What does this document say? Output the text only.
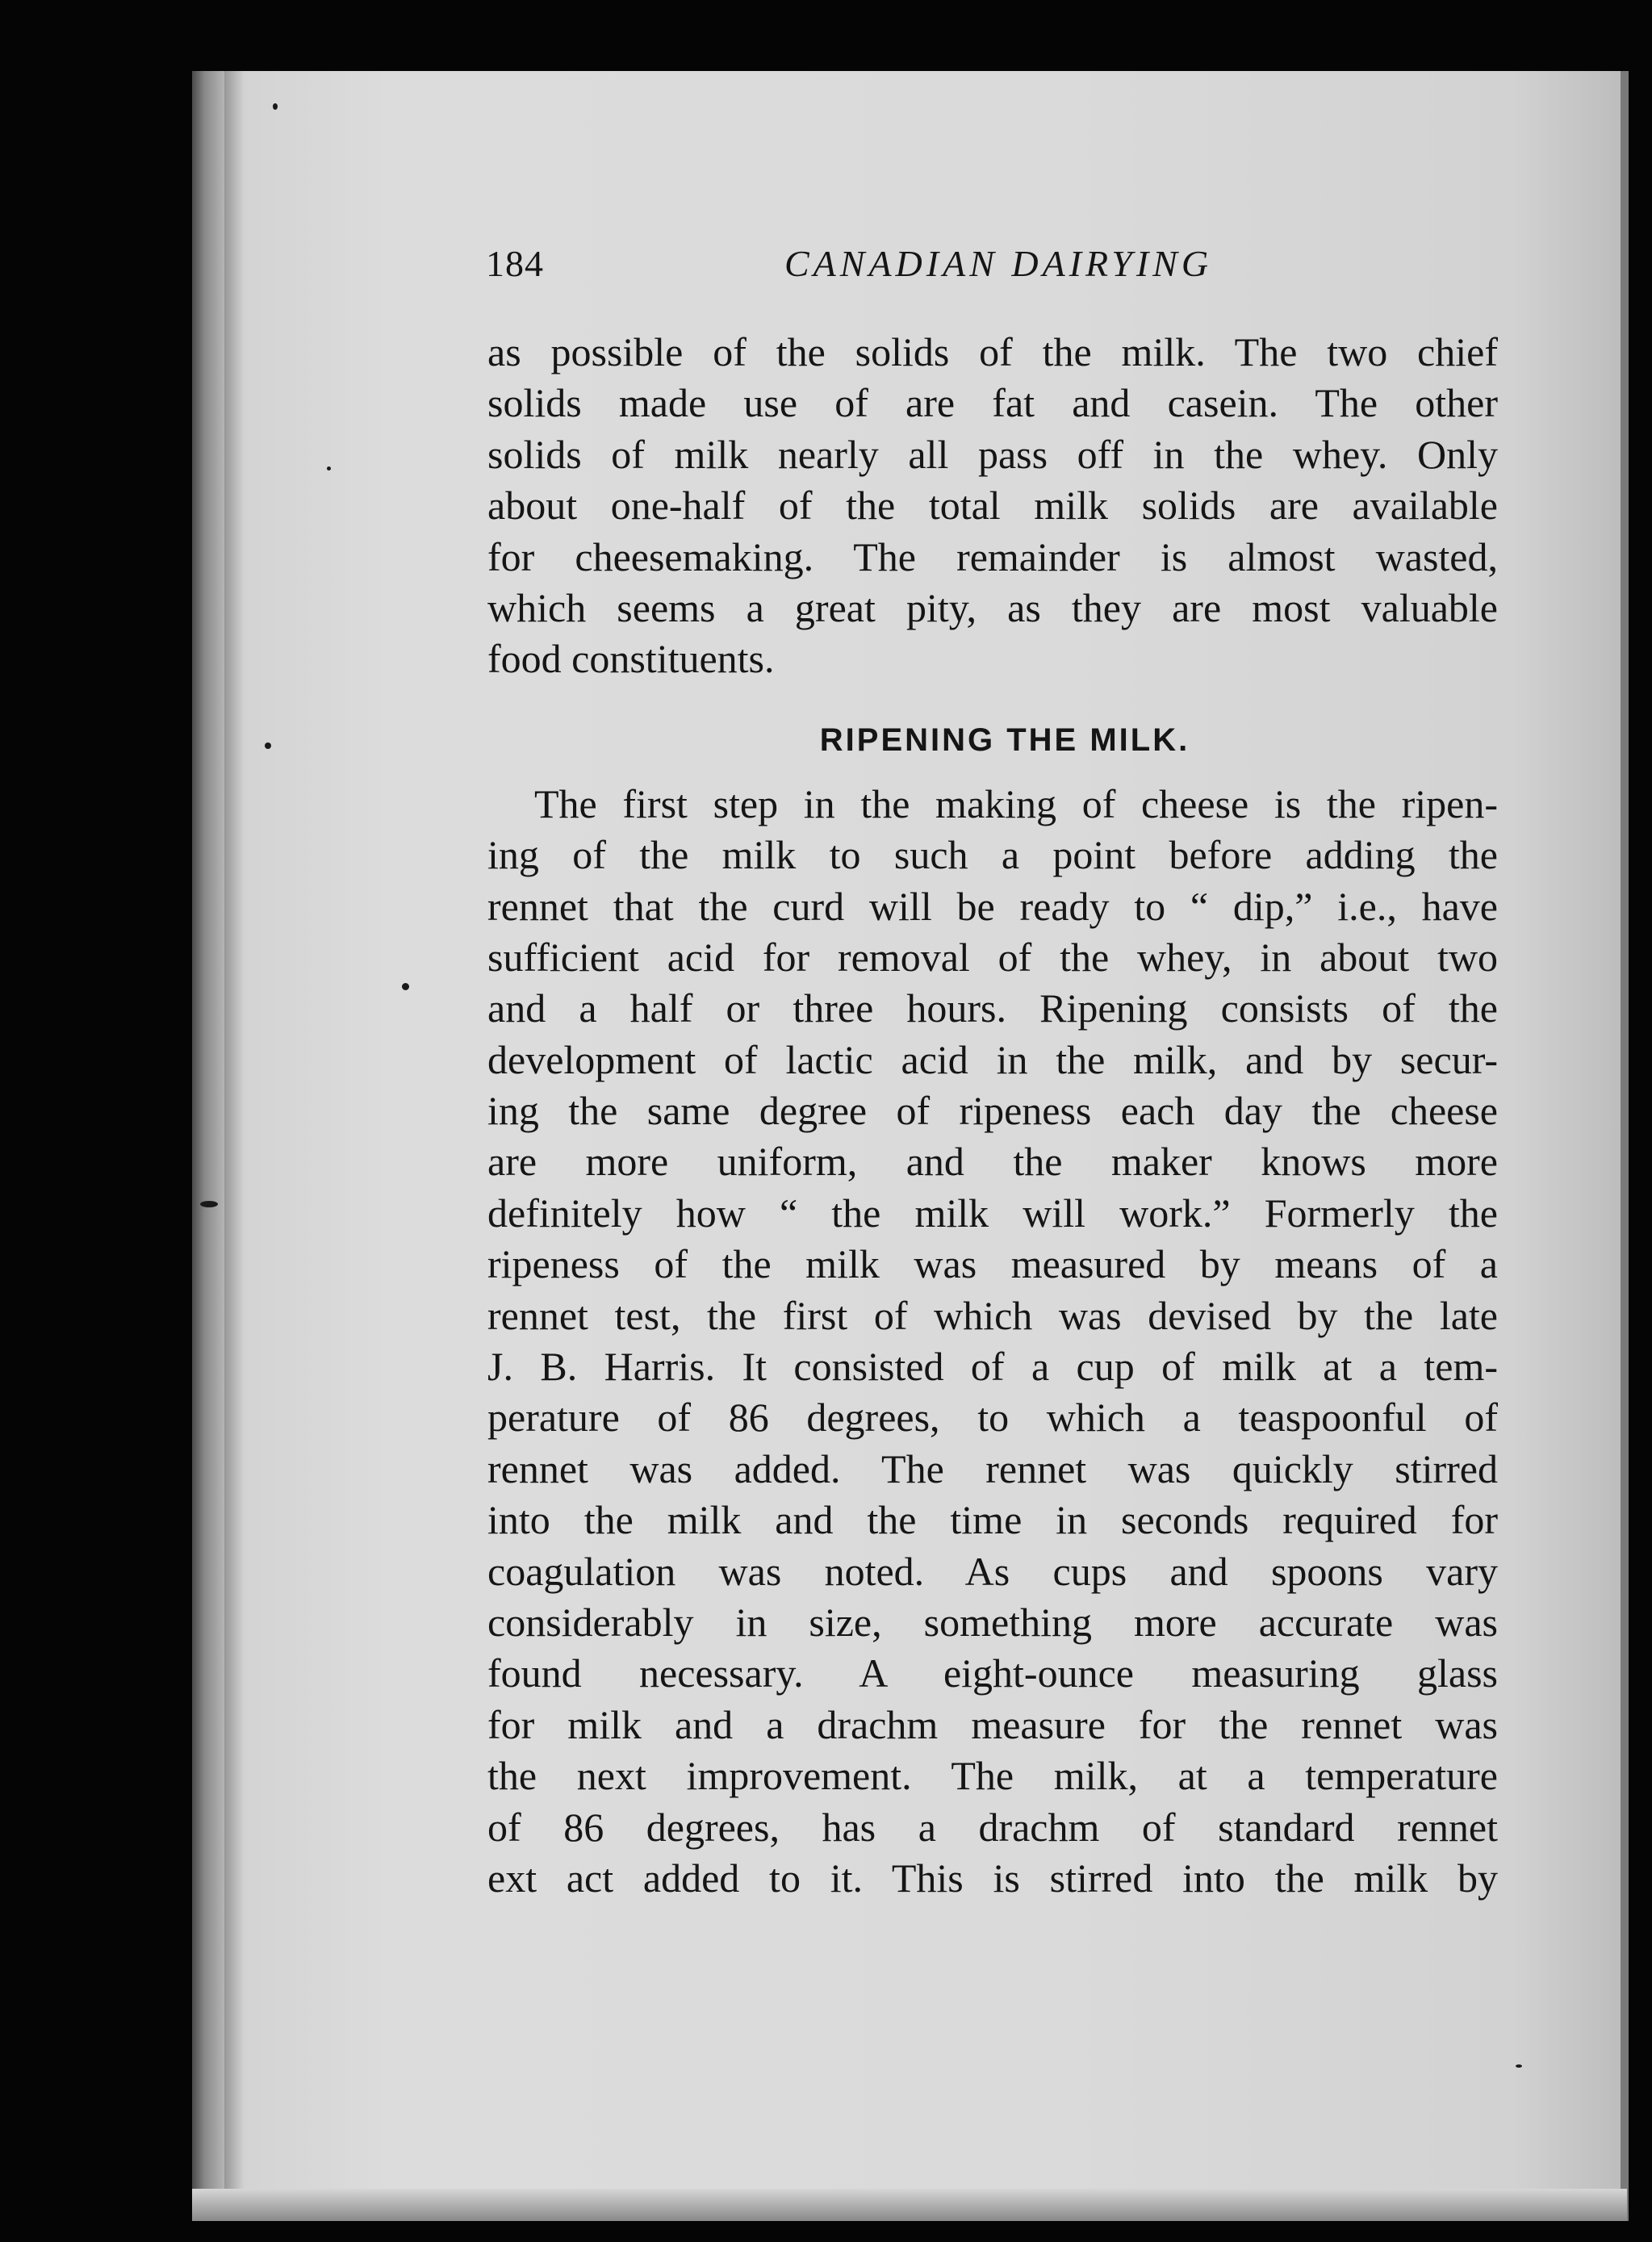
184	CANADIAN DAIRYING
as possible of the solids of the milk. The two chief
solids made use of are fat and casein. The other
solids of milk nearly all pass off in the whey. Only
about one-half of the total milk solids are available
for cheesemaking. The remainder is almost wasted,
which seems a great pity, as they are most valuable
food constituents.
RIPENING THE MILK.
The first step in the making of cheese is the ripen-
ing of the milk to such a point before adding the
rennet that the curd will be ready to “ dip,” i.e., have
sufficient acid for removal of the whey, in about two
and a half or three hours. Ripening consists of the
development of lactic acid in the milk, and by secur-
ing the same degree of ripeness each day the cheese
are more uniform, and the maker knows more
definitely how “ the milk will work.” Formerly the
ripeness of the milk was measured by means of a
rennet test, the first of which was devised by the late
J. B. Harris. It consisted of a cup of milk at a tem-
perature of 86 degrees, to which a teaspoonful of
rennet was added. The rennet was quickly stirred
into the milk and the time in seconds required for
coagulation was noted. As cups and spoons vary
considerably in size, something more accurate was
found necessary. A eight-ounce measuring glass
for milk and a drachm measure for the rennet was
the next improvement. The milk, at a temperature
of 86 degrees, has a drachm of standard rennet
ext act added to it. This is stirred into the milk by
